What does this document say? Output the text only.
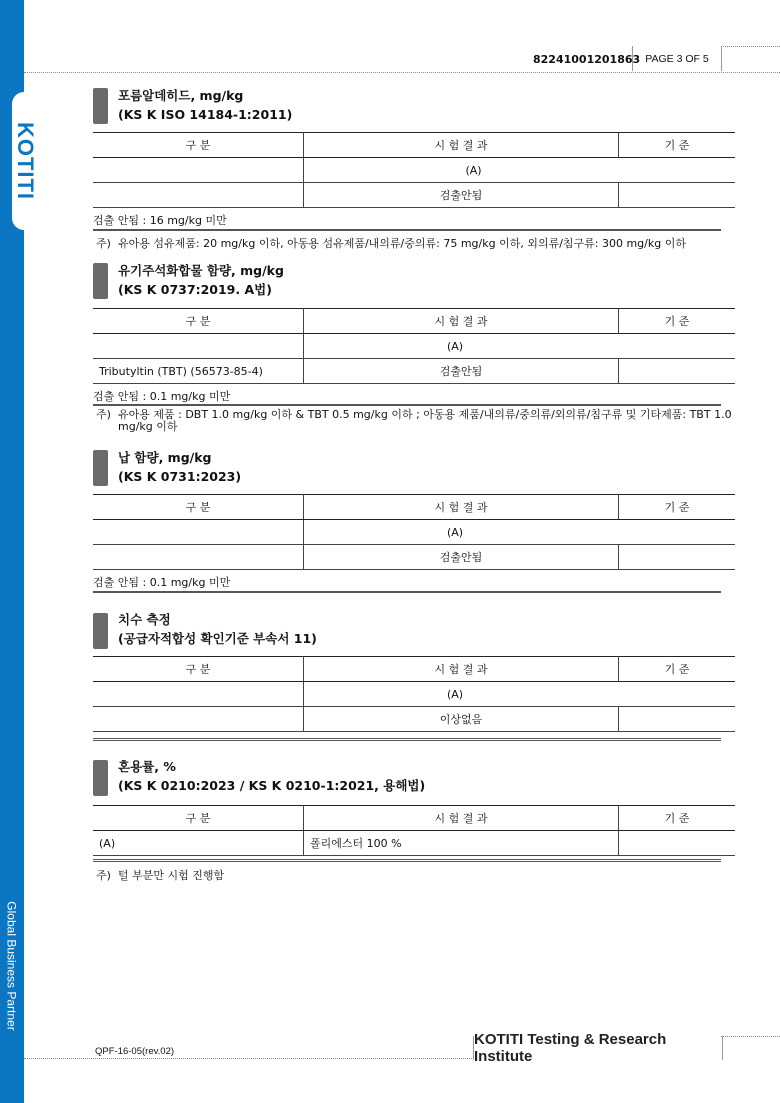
KOTITI
Global Business Partner
82241001201863 PAGE 3 OF 5
포름알데히드, mg/kg
(KS K ISO 14184-1:2011)
구 분	시 험 결 과	기 준
	(A)	
	검출안됨	
검출 안됨 : 16 mg/kg 미만
주) 유아용 섬유제품: 20 mg/kg 이하, 아동용 섬유제품/내의류/중의류: 75 mg/kg 이하, 외의류/침구류: 300 mg/kg 이하
유기주석화합물 함량, mg/kg
(KS K 0737:2019. A법)
구 분	시 험 결 과	기 준
	(A)	
Tributyltin (TBT) (56573-85-4)	검출안됨	
검출 안됨 : 0.1 mg/kg 미만
주) 유아용 제품 : DBT 1.0 mg/kg 이하 & TBT 0.5 mg/kg 이하 ; 아동용 제품/내의류/중의류/외의류/침구류 및 기타제품: TBT 1.0
mg/kg 이하
납 함량, mg/kg
(KS K 0731:2023)
구 분	시 험 결 과	기 준
	(A)	
	검출안됨	
검출 안됨 : 0.1 mg/kg 미만
치수 측정
(공급자적합성 확인기준 부속서 11)
구 분	시 험 결 과	기 준
	(A)	
	이상없음	
혼용률, %
(KS K 0210:2023 / KS K 0210-1:2021, 용해법)
구 분	시 험 결 과	기 준
(A)	폴리에스터 100 %	
주) 털 부분만 시험 진행함
QPF-16-05(rev.02)
KOTITI Testing & Research Institute
